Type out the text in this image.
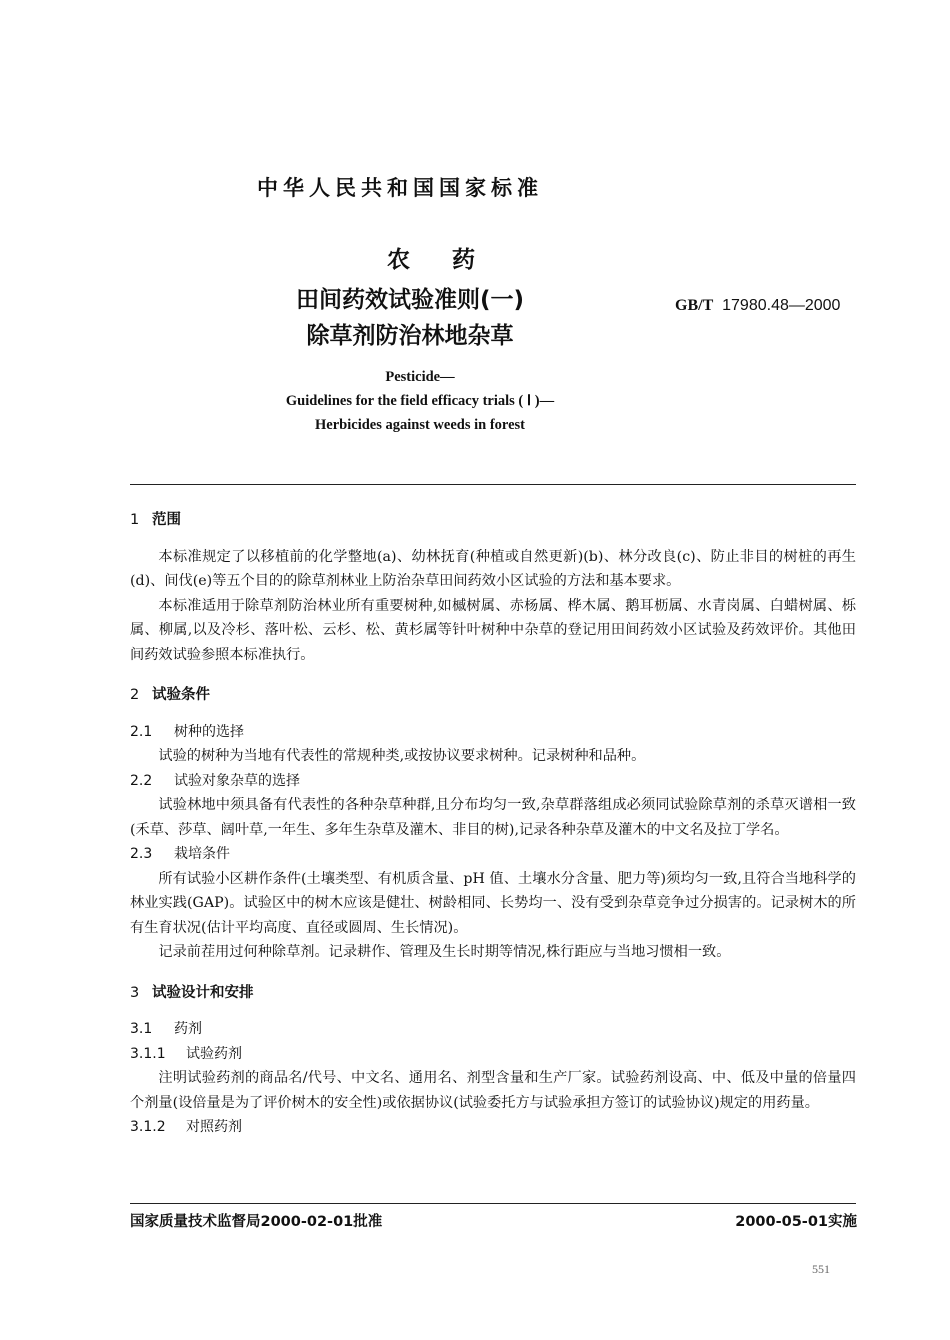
中华人民共和国国家标准
农药
田间药效试验准则(一)
除草剂防治林地杂草
GB/T 17980.48—2000
Pesticide—
Guidelines for the field efficacy trials ( Ⅰ )—
Herbicides against weeds in forest
1 范围

本标准规定了以移植前的化学整地(a)、幼林抚育(种植或自然更新)(b)、林分改良(c)、防止非目的树桩的再生(d)、间伐(e)等五个目的的除草剂林业上防治杂草田间药效小区试验的方法和基本要求。

本标准适用于除草剂防治林业所有重要树种,如槭树属、赤杨属、桦木属、鹅耳枥属、水青岗属、白蜡树属、栎属、柳属,以及冷杉、落叶松、云杉、松、黄杉属等针叶树种中杂草的登记用田间药效小区试验及药效评价。其他田间药效试验参照本标准执行。

2 试验条件
2.1 树种的选择

试验的树种为当地有代表性的常规种类,或按协议要求树种。记录树种和品种。

2.2 试验对象杂草的选择

试验林地中须具备有代表性的各种杂草种群,且分布均匀一致,杂草群落组成必须同试验除草剂的杀草灭谱相一致(禾草、莎草、阔叶草,一年生、多年生杂草及灌木、非目的树),记录各种杂草及灌木的中文名及拉丁学名。

2.3 栽培条件

所有试验小区耕作条件(土壤类型、有机质含量、pH 值、土壤水分含量、肥力等)须均匀一致,且符合当地科学的林业实践(GAP)。试验区中的树木应该是健壮、树龄相同、长势均一、没有受到杂草竞争过分损害的。记录树木的所有生育状况(估计平均高度、直径或圆周、生长情况)。

记录前茬用过何种除草剂。记录耕作、管理及生长时期等情况,株行距应与当地习惯相一致。

3 试验设计和安排
3.1 药剂
3.1.1 试验药剂

注明试验药剂的商品名/代号、中文名、通用名、剂型含量和生产厂家。试验药剂设高、中、低及中量的倍量四个剂量(设倍量是为了评价树木的安全性)或依据协议(试验委托方与试验承担方签订的试验协议)规定的用药量。

3.1.2 对照药剂
国家质量技术监督局2000-02-01批准	2000-05-01实施
551
